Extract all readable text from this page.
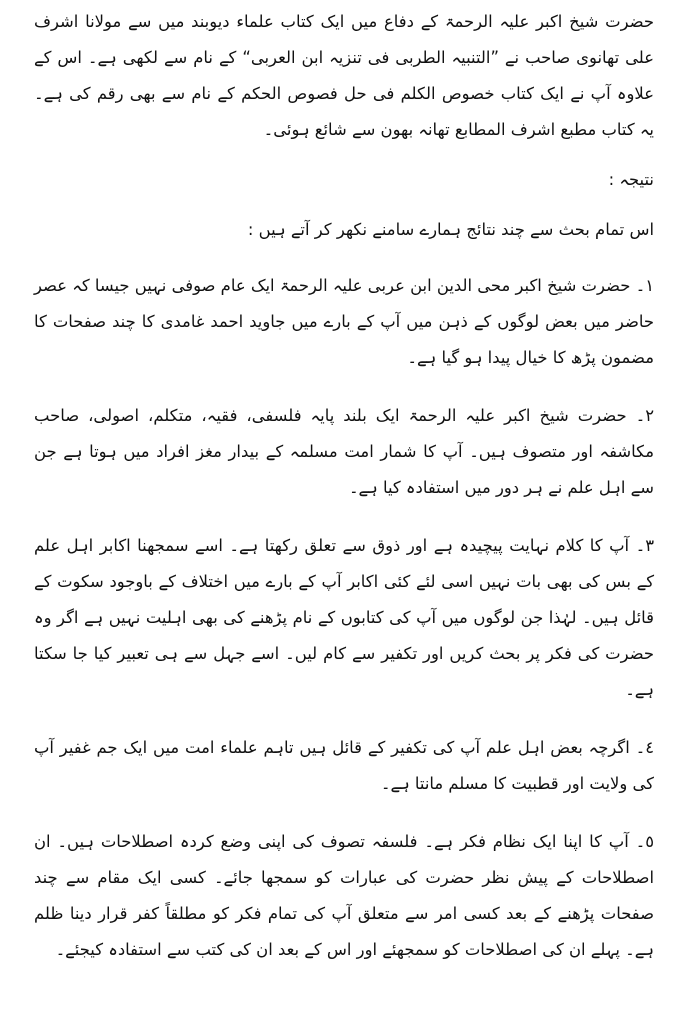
حضرت شیخ اکبر علیہ الرحمۃ کے دفاع میں ایک کتاب علماء دیوبند میں سے مولانا اشرف علی تھانوی صاحب نے ”التنبیہ الطربی فی تنزیہ ابن العربی“ کے نام سے لکھی ہے۔ اس کے علاوہ آپ نے ایک کتاب خصوص الکلم فی حل فصوص الحکم کے نام سے بھی رقم کی ہے۔ یہ کتاب مطبع اشرف المطابع تھانہ بھون سے شائع ہوئی۔

نتیجہ :

اس تمام بحث سے چند نتائج ہمارے سامنے نکھر کر آتے ہیں :

١۔ حضرت شیخ اکبر محی الدین ابن عربی علیہ الرحمۃ ایک عام صوفی نہیں جیسا کہ عصر حاضر میں بعض لوگوں کے ذہن میں آپ کے بارے میں جاوید احمد غامدی کا چند صفحات کا مضمون پڑھ کا خیال پیدا ہو گیا ہے۔

٢۔ حضرت شیخ اکبر علیہ الرحمۃ ایک بلند پایہ فلسفی، فقیہ، متکلم، اصولی، صاحب مکاشفہ اور متصوف ہیں۔ آپ کا شمار امت مسلمہ کے بیدار مغز افراد میں ہوتا ہے جن سے اہل علم نے ہر دور میں استفادہ کیا ہے۔

٣۔ آپ کا کلام نہایت پیچیدہ ہے اور ذوق سے تعلق رکھتا ہے۔ اسے سمجھنا اکابر اہل علم کے بس کی بھی بات نہیں اسی لئے کئی اکابر آپ کے بارے میں اختلاف کے باوجود سکوت کے قائل ہیں۔ لہٰذا جن لوگوں میں آپ کی کتابوں کے نام پڑھنے کی بھی اہلیت نہیں ہے اگر وہ حضرت کی فکر پر بحث کریں اور تکفیر سے کام لیں۔ اسے جہل سے ہی تعبیر کیا جا سکتا ہے۔

٤۔ اگرچہ بعض اہل علم آپ کی تکفیر کے قائل ہیں تاہم علماء امت میں ایک جم غفیر آپ کی ولایت اور قطبیت کا مسلم مانتا ہے۔

٥۔ آپ کا اپنا ایک نظام فکر ہے۔ فلسفہ تصوف کی اپنی وضع کردہ اصطلاحات ہیں۔ ان اصطلاحات کے پیش نظر حضرت کی عبارات کو سمجھا جائے۔ کسی ایک مقام سے چند صفحات پڑھنے کے بعد کسی امر سے متعلق آپ کی تمام فکر کو مطلقاً کفر قرار دینا ظلم ہے۔ پہلے ان کی اصطلاحات کو سمجھئے اور اس کے بعد ان کی کتب سے استفادہ کیجئے۔
